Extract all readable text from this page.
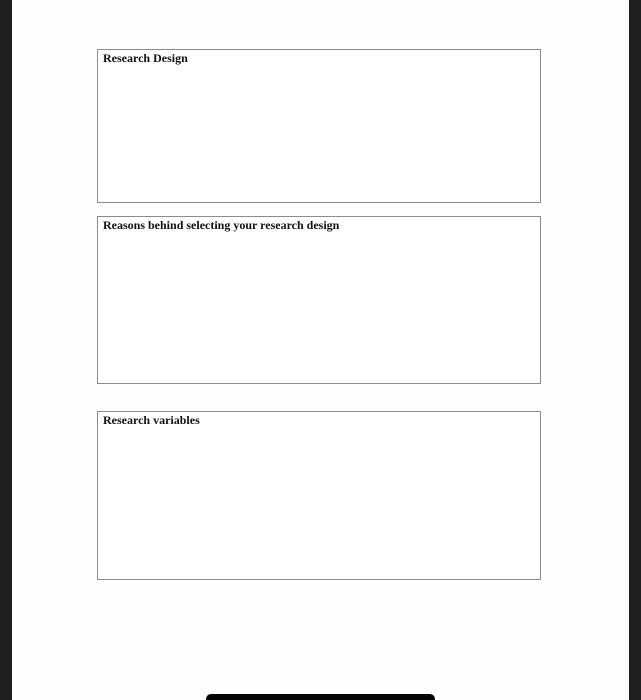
Research Design
Reasons behind selecting your research design
Research variables
